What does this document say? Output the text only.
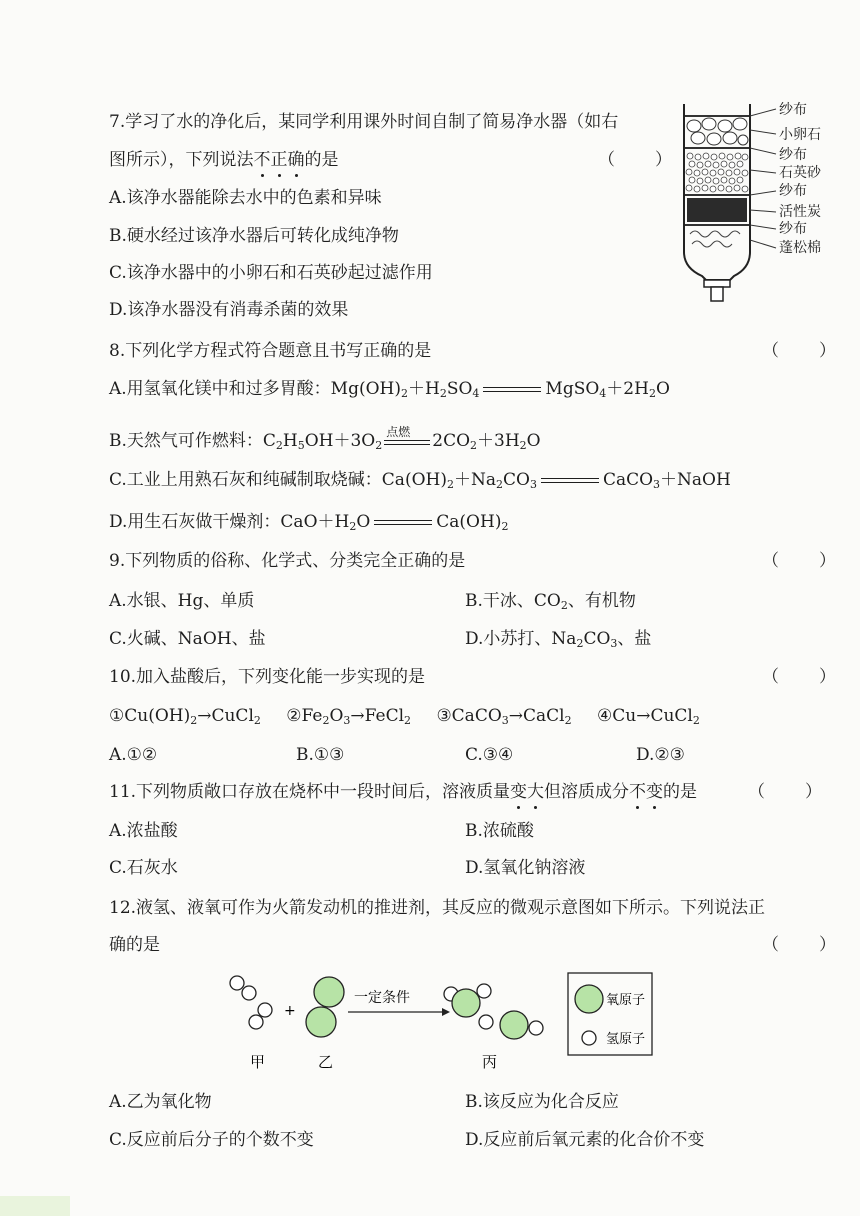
7.学习了水的净化后，某同学利用课外时间自制了简易净水器（如右
图所示），下列说法不正确的是	（　　）
A.该净水器能除去水中的色素和异味
B.硬水经过该净水器后可转化成纯净物
C.该净水器中的小卵石和石英砂起过滤作用
D.该净水器没有消毒杀菌的效果
纱布
小卵石
纱布
石英砂
纱布
活性炭
纱布
蓬松棉
8.下列化学方程式符合题意且书写正确的是	（　　）
A.用氢氧化镁中和过多胃酸：$Mg(OH)_2+H_2SO_4$	$MgSO_4+2H_2O$
B.天然气可作燃料：$C_2H_5OH+3O_2$
点燃 $2CO_2+3H_2O$
C.工业上用熟石灰和纯碱制取烧碱：$Ca(OH)_2+Na_2CO_3$	CaCO$_3$＋NaOH
D.用生石灰做干燥剂：$CaO+H_2O$	$Ca(OH)_2$
9.下列物质的俗称、化学式、分类完全正确的是	（　　）
A.水银、Hg、单质	B.干冰、$CO_2$、有机物
C.火碱、NaOH、盐	D.小苏打、$Na_2CO_3$、盐
10.加入盐酸后，下列变化能一步实现的是	（　　）
$①Cu(OH)_2\to CuCl_2$ $②Fe_2O_3\to FeCl_2$ ③CaCO$_3$→CaCl$_2$ ④Cu→CuCl$_2$
A.①②	B.①③	C.③④	D.②③
11.下列物质敞口存放在烧杯中一段时间后，溶液质量变大但溶质成分不变的是	（　　）
A.浓盐酸	B.浓硫酸
C.石灰水	D.氢氧化钠溶液
12.液氢、液氧可作为火箭发动机的推进剂，其反应的微观示意图如下所示。下列说法正
确的是	（　　）
+
一定条件	氧原子
氢原子
甲	乙	丙
A.乙为氧化物	B.该反应为化合反应
C.反应前后分子的个数不变	D.反应前后氧元素的化合价不变
